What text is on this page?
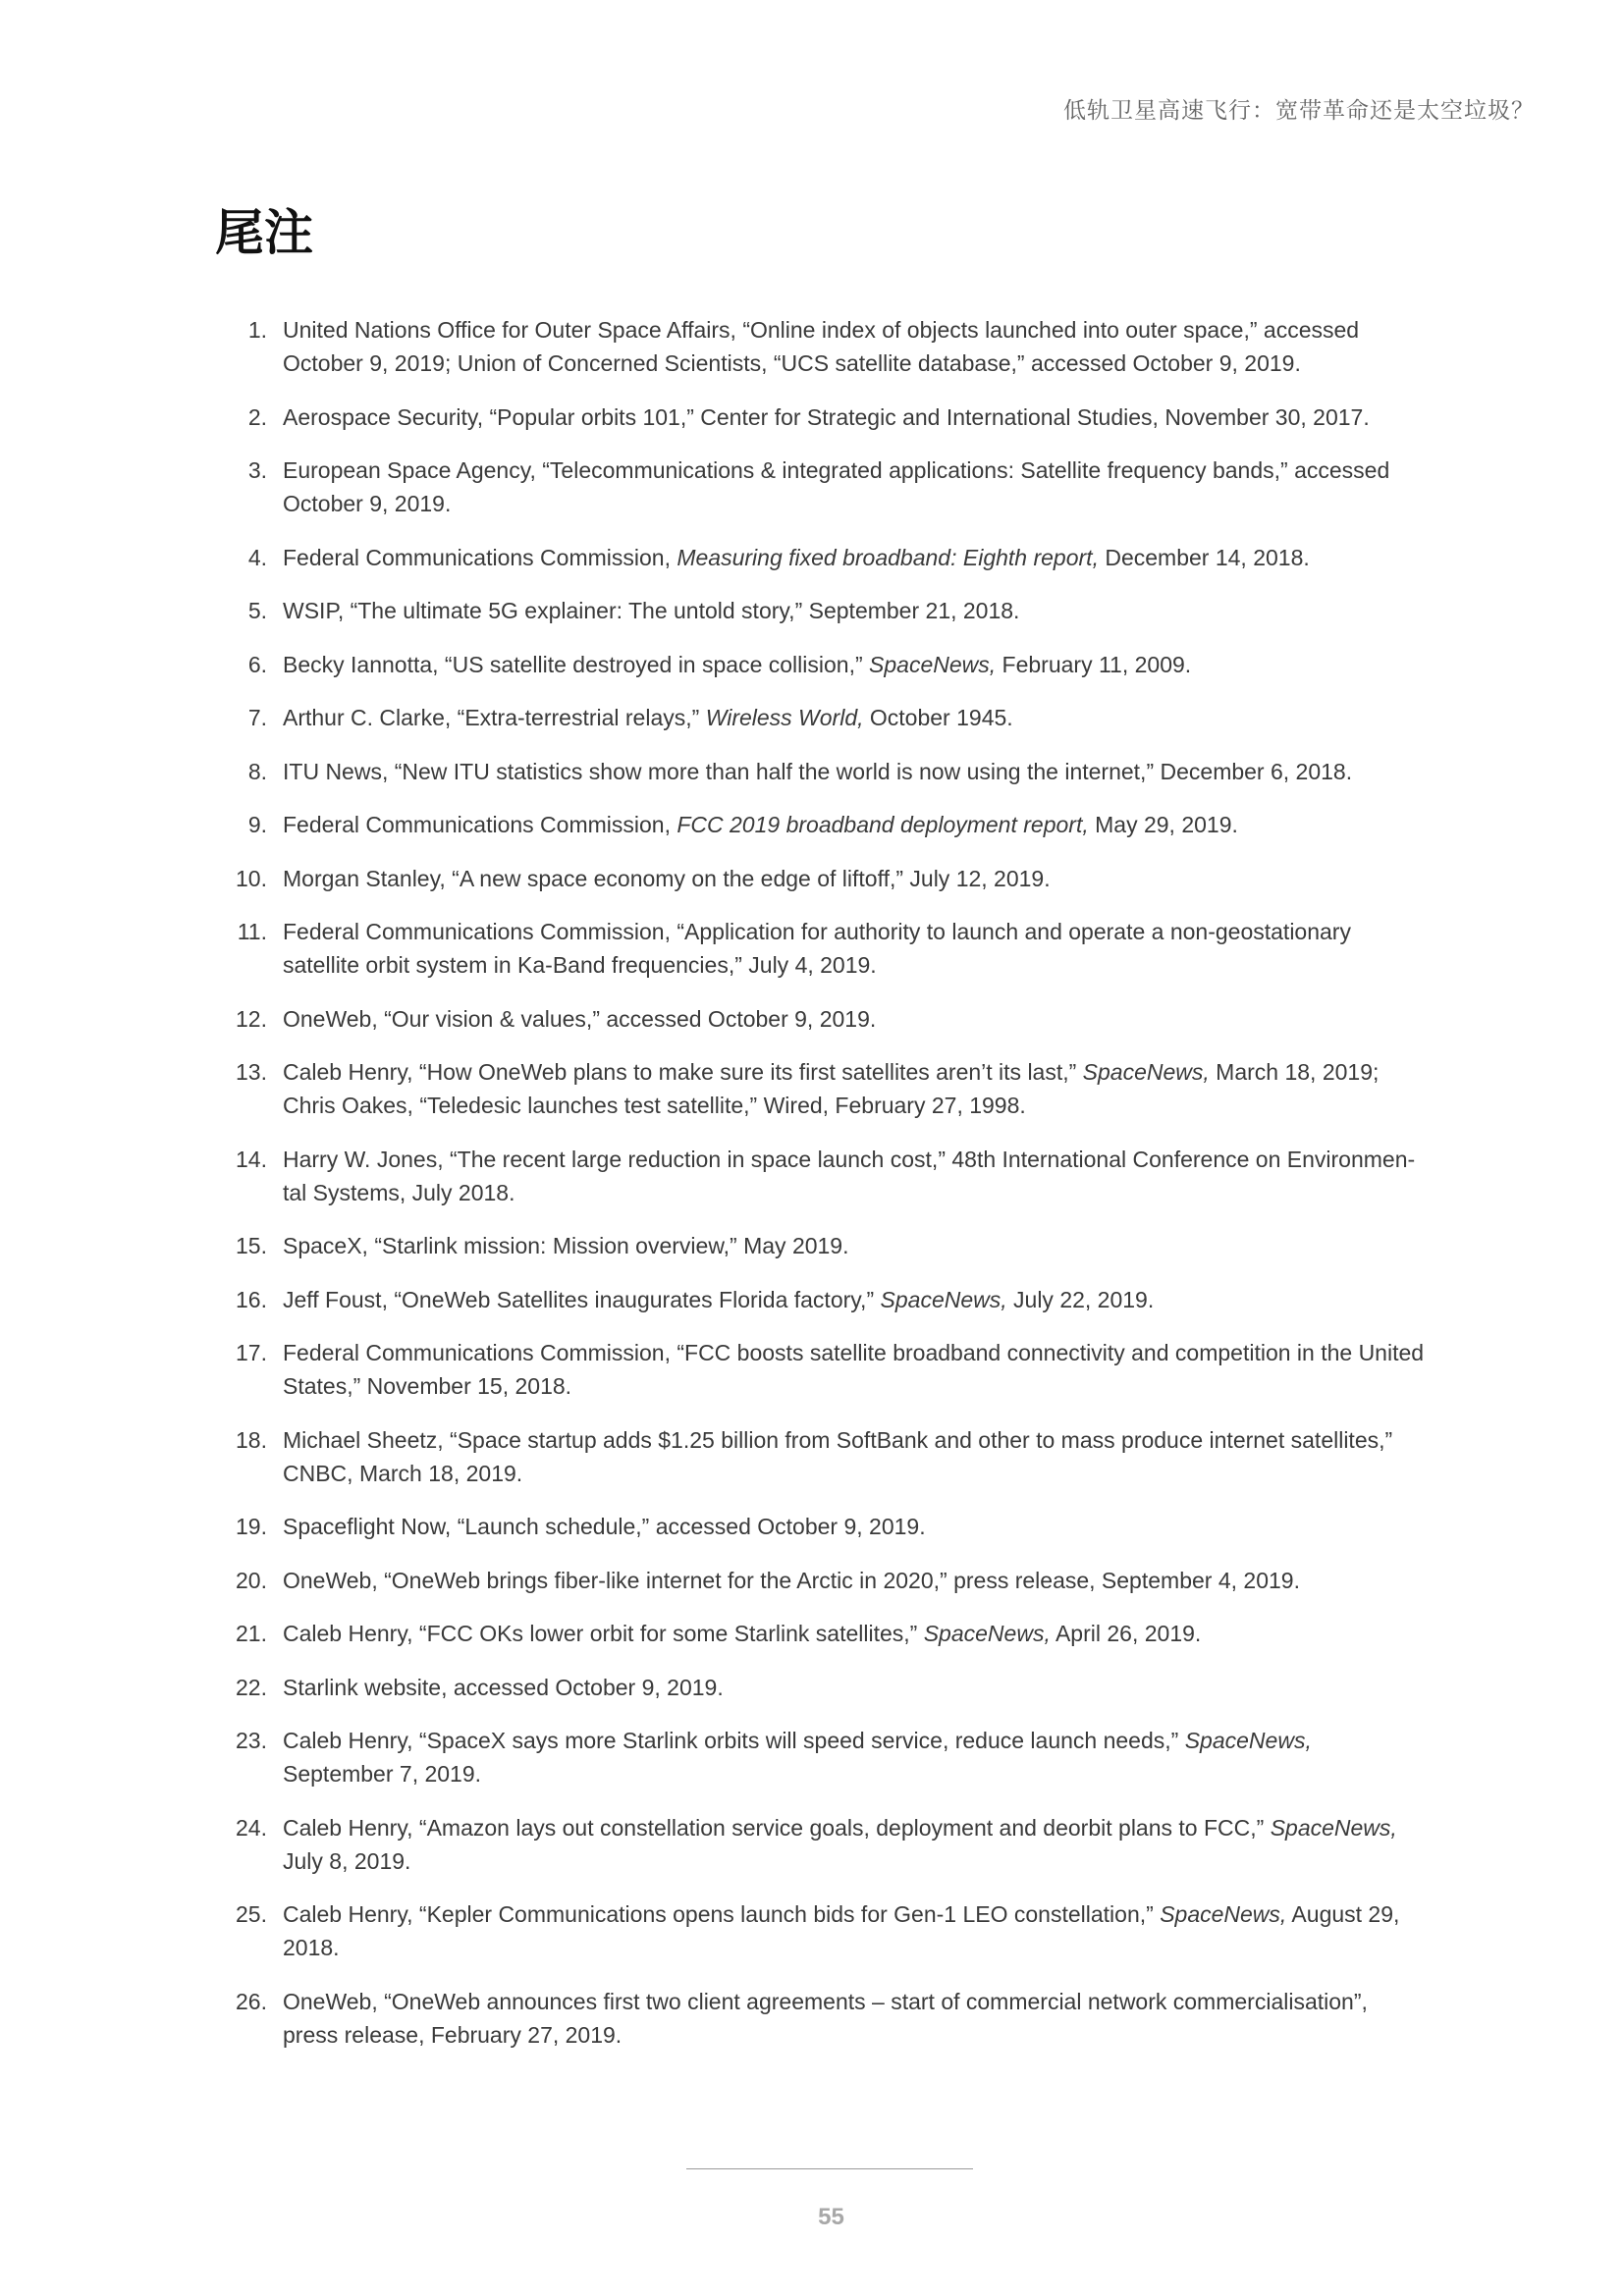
低轨卫星高速飞行：宽带革命还是太空垃圾？
尾注
1. United Nations Office for Outer Space Affairs, “Online index of objects launched into outer space,” accessed October 9, 2019; Union of Concerned Scientists, “UCS satellite database,” accessed October 9, 2019.
2. Aerospace Security, “Popular orbits 101,” Center for Strategic and International Studies, November 30, 2017.
3. European Space Agency, “Telecommunications & integrated applications: Satellite frequency bands,” accessed October 9, 2019.
4. Federal Communications Commission, Measuring fixed broadband: Eighth report, December 14, 2018.
5. WSIP, “The ultimate 5G explainer: The untold story,” September 21, 2018.
6. Becky Iannotta, “US satellite destroyed in space collision,” SpaceNews, February 11, 2009.
7. Arthur C. Clarke, “Extra-terrestrial relays,” Wireless World, October 1945.
8. ITU News, “New ITU statistics show more than half the world is now using the internet,” December 6, 2018.
9. Federal Communications Commission, FCC 2019 broadband deployment report, May 29, 2019.
10. Morgan Stanley, “A new space economy on the edge of liftoff,” July 12, 2019.
11. Federal Communications Commission, “Application for authority to launch and operate a non-geostationary satellite orbit system in Ka-Band frequencies,” July 4, 2019.
12. OneWeb, “Our vision & values,” accessed October 9, 2019.
13. Caleb Henry, “How OneWeb plans to make sure its first satellites aren’t its last,” SpaceNews, March 18, 2019; Chris Oakes, “Teledesic launches test satellite,” Wired, February 27, 1998.
14. Harry W. Jones, “The recent large reduction in space launch cost,” 48th International Conference on Environmen-tal Systems, July 2018.
15. SpaceX, “Starlink mission: Mission overview,” May 2019.
16. Jeff Foust, “OneWeb Satellites inaugurates Florida factory,” SpaceNews, July 22, 2019.
17. Federal Communications Commission, “FCC boosts satellite broadband connectivity and competition in the United States,” November 15, 2018.
18. Michael Sheetz, “Space startup adds $1.25 billion from SoftBank and other to mass produce internet satellites,” CNBC, March 18, 2019.
19. Spaceflight Now, “Launch schedule,” accessed October 9, 2019.
20. OneWeb, “OneWeb brings fiber-like internet for the Arctic in 2020,” press release, September 4, 2019.
21. Caleb Henry, “FCC OKs lower orbit for some Starlink satellites,” SpaceNews, April 26, 2019.
22. Starlink website, accessed October 9, 2019.
23. Caleb Henry, “SpaceX says more Starlink orbits will speed service, reduce launch needs,” SpaceNews, September 7, 2019.
24. Caleb Henry, “Amazon lays out constellation service goals, deployment and deorbit plans to FCC,” SpaceNews, July 8, 2019.
25. Caleb Henry, “Kepler Communications opens launch bids for Gen-1 LEO constellation,” SpaceNews, August 29, 2018.
26. OneWeb, “OneWeb announces first two client agreements – start of commercial network commercialisation”, press release, February 27, 2019.
55
